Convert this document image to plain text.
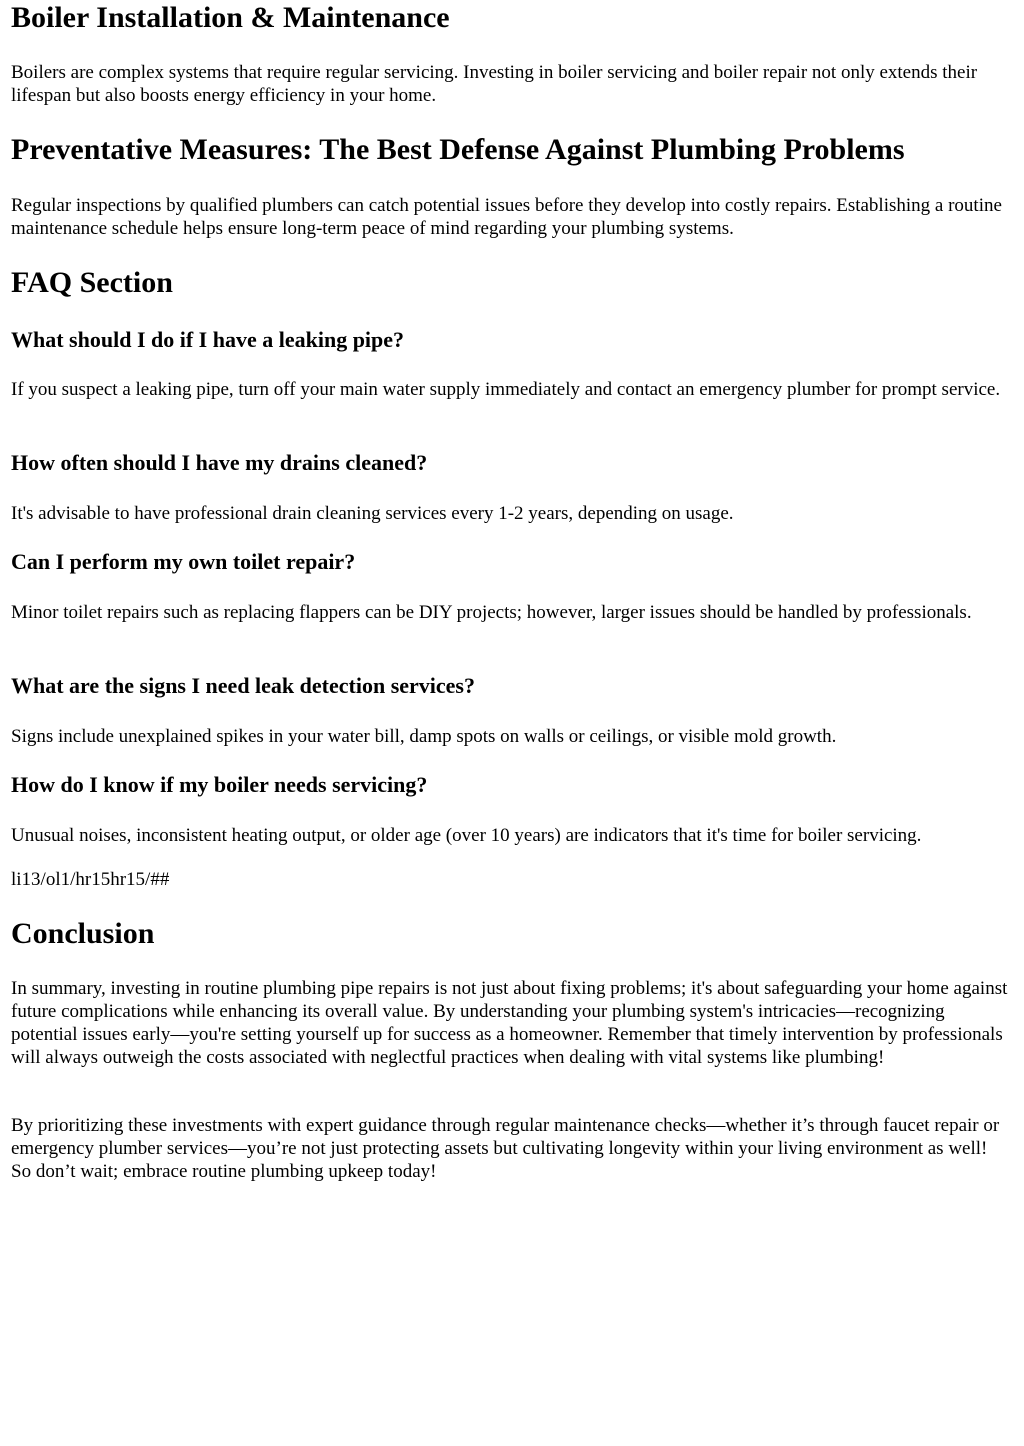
Boiler Installation & Maintenance

Boilers are complex systems that require regular servicing. Investing in boiler servicing and boiler repair not only extends their lifespan but also boosts energy efficiency in your home.

Preventative Measures: The Best Defense Against Plumbing Problems

Regular inspections by qualified plumbers can catch potential issues before they develop into costly repairs. Establishing a routine maintenance schedule helps ensure long-term peace of mind regarding your plumbing systems.

FAQ Section
What should I do if I have a leaking pipe?

If you suspect a leaking pipe, turn off your main water supply immediately and contact an emergency plumber for prompt service.

How often should I have my drains cleaned?

It's advisable to have professional drain cleaning services every 1-2 years, depending on usage.

Can I perform my own toilet repair?

Minor toilet repairs such as replacing flappers can be DIY projects; however, larger issues should be handled by professionals.

What are the signs I need leak detection services?

Signs include unexplained spikes in your water bill, damp spots on walls or ceilings, or visible mold growth.

How do I know if my boiler needs servicing?

Unusual noises, inconsistent heating output, or older age (over 10 years) are indicators that it's time for boiler servicing.

li13/ol1/hr15hr15/##

Conclusion

In summary, investing in routine plumbing pipe repairs is not just about fixing problems; it's about safeguarding your home against future complications while enhancing its overall value. By understanding your plumbing system's intricacies—recognizing potential issues early—you're setting yourself up for success as a homeowner. Remember that timely intervention by professionals will always outweigh the costs associated with neglectful practices when dealing with vital systems like plumbing!

By prioritizing these investments with expert guidance through regular maintenance checks—whether it’s through faucet repair or emergency plumber services—you’re not just protecting assets but cultivating longevity within your living environment as well! So don’t wait; embrace routine plumbing upkeep today!
